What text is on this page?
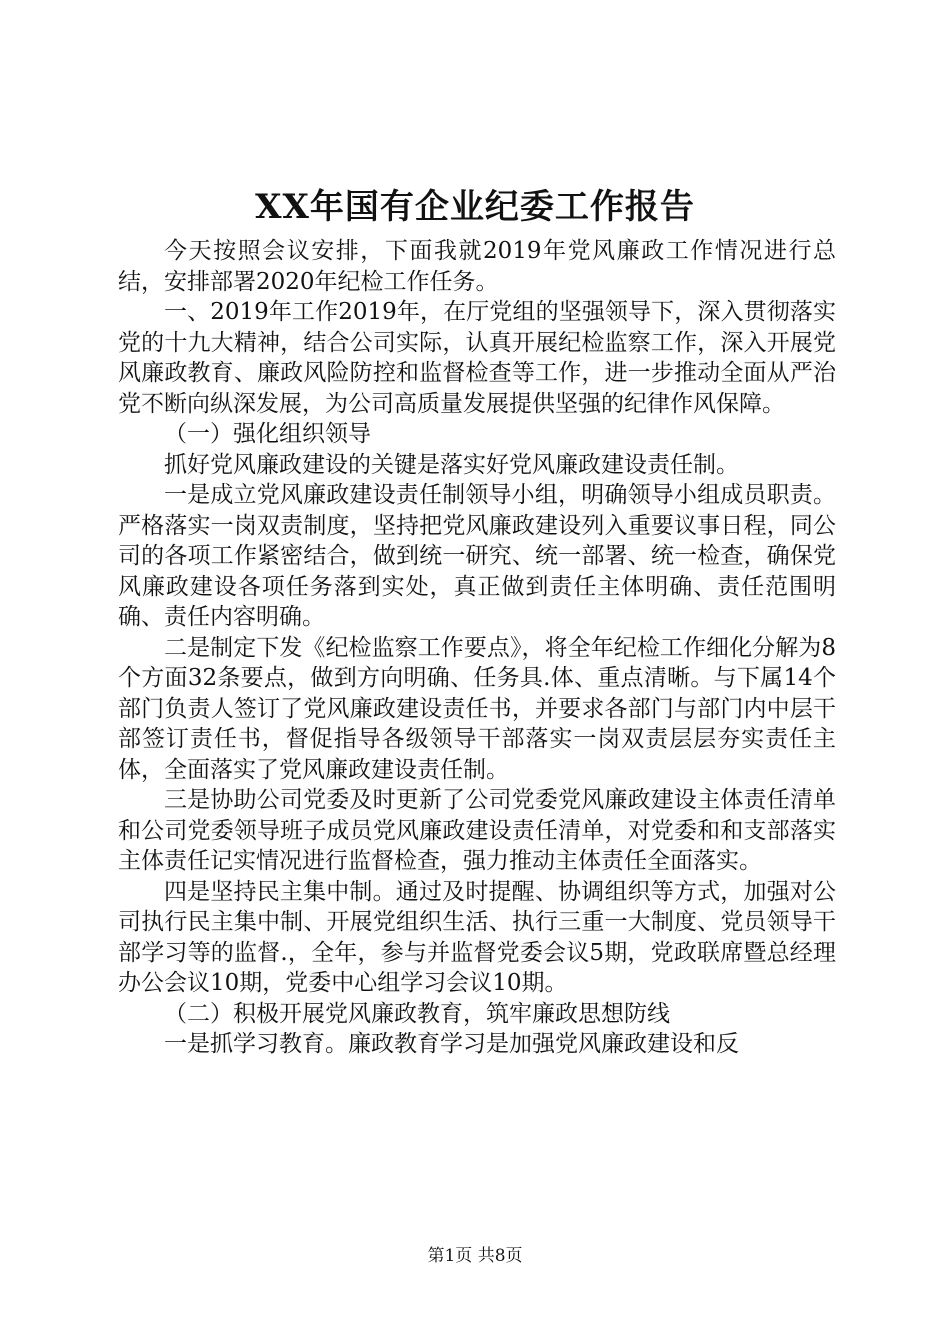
XX年国有企业纪委工作报告

今天按照会议安排，下面我就2019年党风廉政工作情况进行总结，安排部署2020年纪检工作任务。

一、2019年工作2019年，在厅党组的坚强领导下，深入贯彻落实党的十九大精神，结合公司实际，认真开展纪检监察工作，深入开展党风廉政教育、廉政风险防控和监督检查等工作，进一步推动全面从严治党不断向纵深发展，为公司高质量发展提供坚强的纪律作风保障。

（一）强化组织领导

抓好党风廉政建设的关键是落实好党风廉政建设责任制。

一是成立党风廉政建设责任制领导小组，明确领导小组成员职责。严格落实一岗双责制度，坚持把党风廉政建设列入重要议事日程，同公司的各项工作紧密结合，做到统一研究、统一部署、统一检查，确保党风廉政建设各项任务落到实处，真正做到责任主体明确、责任范围明确、责任内容明确。

二是制定下发《纪检监察工作要点》，将全年纪检工作细化分解为8个方面32条要点，做到方向明确、任务具.体、重点清晰。与下属14个部门负责人签订了党风廉政建设责任书，并要求各部门与部门内中层干部签订责任书，督促指导各级领导干部落实一岗双责层层夯实责任主体，全面落实了党风廉政建设责任制。

三是协助公司党委及时更新了公司党委党风廉政建设主体责任清单和公司党委领导班子成员党风廉政建设责任清单，对党委和和支部落实主体责任记实情况进行监督检查，强力推动主体责任全面落实。

四是坚持民主集中制。通过及时提醒、协调组织等方式，加强对公司执行民主集中制、开展党组织生活、执行三重一大制度、党员领导干部学习等的监督.，全年，参与并监督党委会议5期，党政联席暨总经理办公会议10期，党委中心组学习会议10期。

（二）积极开展党风廉政教育，筑牢廉政思想防线

一是抓学习教育。廉政教育学习是加强党风廉政建设和反

第1页 共8页
